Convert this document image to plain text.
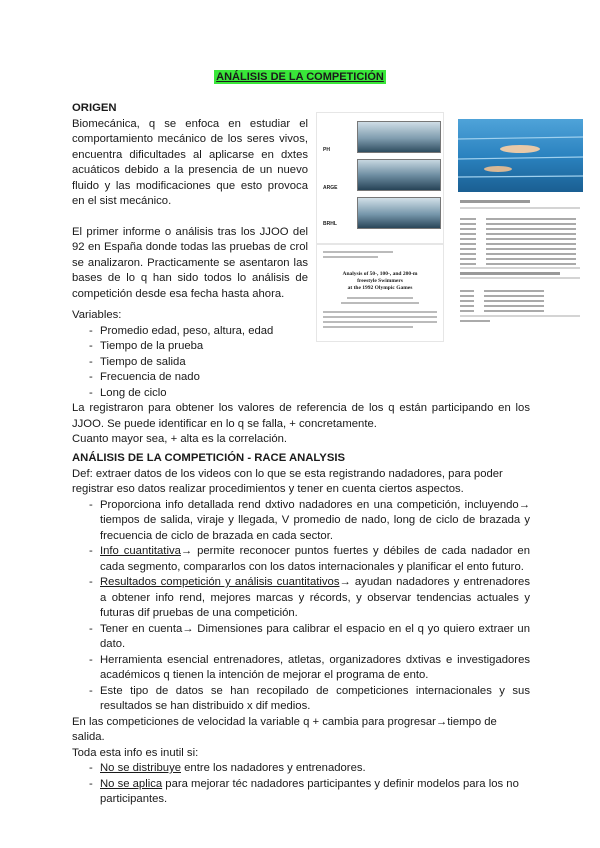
ANÁLISIS DE LA COMPETICIÓN
ORIGEN

Biomecánica, q se enfoca en estudiar el comportamiento mecánico de los seres vivos, encuentra dificultades al aplicarse en dxtes acuáticos debido a la presencia de un nuevo fluido y las modificaciones que esto provoca en el sist mecánico.

El primer informe o análisis tras los JJOO del 92 en España donde todas las pruebas de crol se analizaron. Practicamente se asentaron las bases de lo q han sido todos lo análisis de competición desde esa fecha hasta ahora.

Variables:
- Promedio edad, peso, altura, edad
- Tiempo de la prueba
- Tiempo de salida
- Frecuencia de nado
- Long de ciclo

La registraron para obtener los valores de referencia de los q están participando en los JJOO. Se puede identificar en lo q se falla, + concretamente.

Cuanto mayor sea, + alta es la correlación.

ANÁLISIS DE LA COMPETICIÓN - RACE ANALYSIS

Def: extraer datos de los videos con lo que se esta registrando nadadores, para poder registrar eso datos realizar procedimientos y tener en cuenta ciertos aspectos.

- Proporciona info detallada rend dxtivo nadadores en una competición, incluyendo→ tiempos de salida, viraje y llegada, V promedio de nado, long de ciclo de brazada y frecuencia de ciclo de brazada en cada sector.
- Info cuantitativa→ permite reconocer puntos fuertes y débiles de cada nadador en cada segmento, compararlos con los datos internacionales y planificar el ento futuro.
- Resultados competición y análisis cuantitativos→ ayudan nadadores y entrenadores a obtener info rend, mejores marcas y récords, y observar tendencias actuales y futuras dif pruebas de una competición.
- Tener en cuenta→ Dimensiones para calibrar el espacio en el q yo quiero extraer un dato.
- Herramienta esencial entrenadores, atletas, organizadores dxtivas e investigadores académicos q tienen la intención de mejorar el programa de ento.
- Este tipo de datos se han recopilado de competiciones internacionales y sus resultados se han distribuido x dif medios.

En las competiciones de velocidad la variable q + cambia para progresar→tiempo de salida.

Toda esta info es inutil si:

- No se distribuye entre los nadadores y entrenadores.
- No se aplica para mejorar téc nadadores participantes y definir modelos para los no participantes.
PH
ARGE
BRHL
Analysis of 50-, 100-, and 200-m
freestyle Swimmers
at the 1992 Olympic Games
